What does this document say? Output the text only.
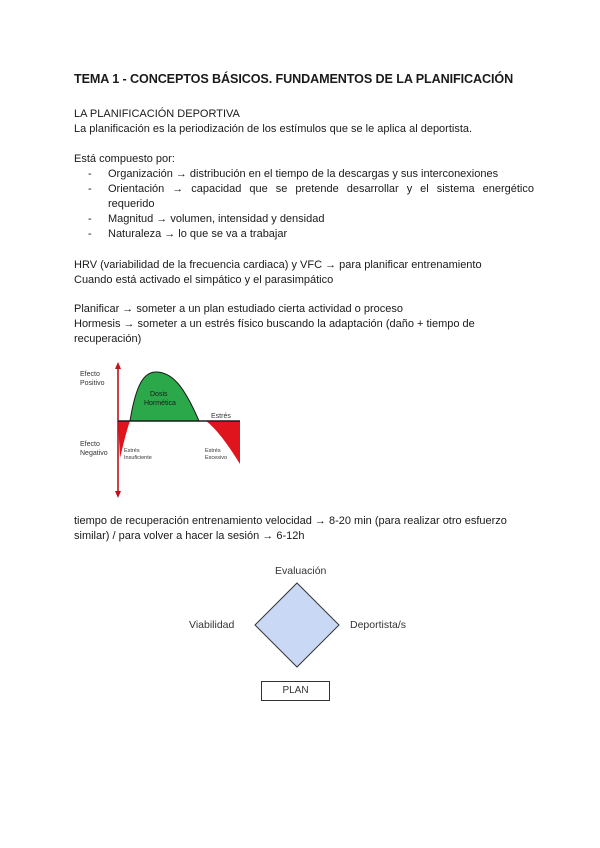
TEMA 1 - CONCEPTOS BÁSICOS. FUNDAMENTOS DE LA PLANIFICACIÓN
LA PLANIFICACIÓN DEPORTIVA
La planificación es la periodización de los estímulos que se le aplica al deportista.
Está compuesto por:
- Organización → distribución en el tiempo de la descargas y sus interconexiones
- Orientación → capacidad que se pretende desarrollar y el sistema energético requerido
- Magnitud → volumen, intensidad y densidad
- Naturaleza → lo que se va a trabajar
HRV (variabilidad de la frecuencia cardiaca) y VFC → para planificar entrenamiento
Cuando está activado el simpático y el parasimpático
Planificar → someter a un plan estudiado cierta actividad o proceso
Hormesis → someter a un estrés físico buscando la adaptación (daño + tiempo de recuperación)
Efecto Positivo
Efecto Negativo
Dosis Hormética
Estrés
Estrés Insuficiente
Estrés Excesivo
tiempo de recuperación entrenamiento velocidad → 8-20 min (para realizar otro esfuerzo similar) / para volver a hacer la sesión → 6-12h
Evaluación
Viabilidad	Deportista/s
PLAN
